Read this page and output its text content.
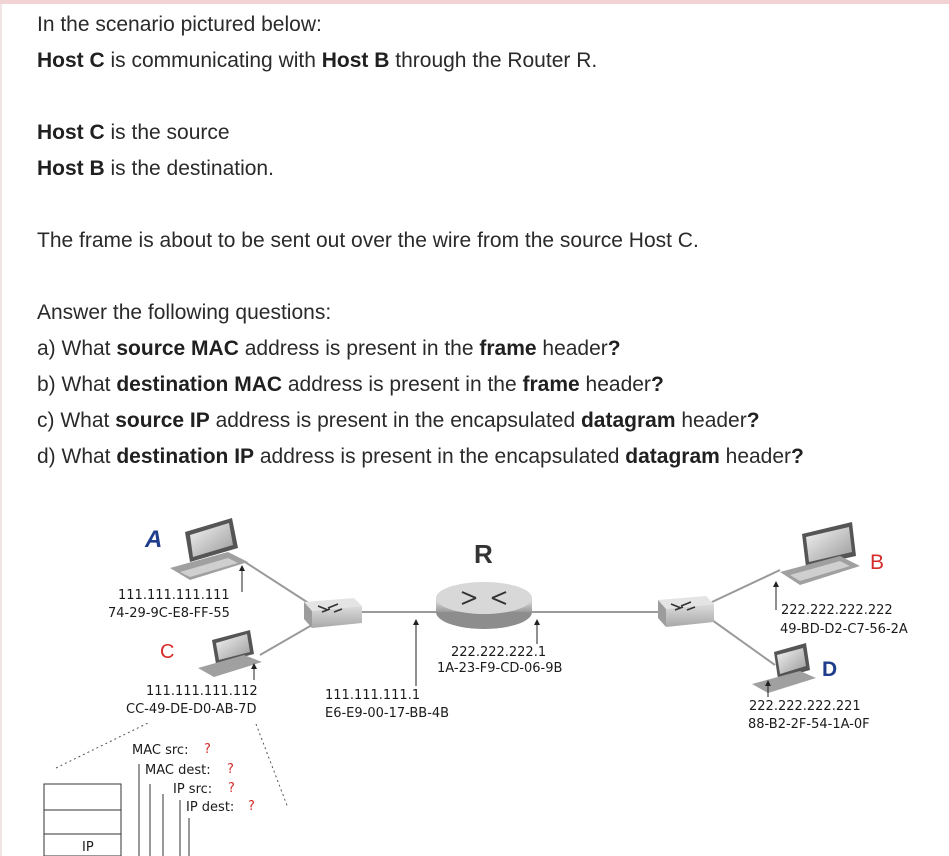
In the scenario pictured below:
Host C is communicating with Host B through the Router R.
Host C is the source
Host B is the destination.
The frame is about to be sent out over the wire from the source Host C.
Answer the following questions:
a) What source MAC address is present in the frame header?
b) What destination MAC address is present in the frame header?
c) What source IP address is present in the encapsulated datagram header?
d) What destination IP address is present in the encapsulated datagram header?
A
111.111.111.111
74-29-9C-E8-FF-55
C
111.111.111.112
CC-49-DE-D0-AB-7D
R
111.111.111.1
E6-E9-00-17-BB-4B
222.222.222.1
1A-23-F9-CD-06-9B
B
222.222.222.222
49-BD-D2-C7-56-2A
D
222.222.222.221
88-B2-2F-54-1A-0F
MAC src: ?
MAC dest: ?
IP src: ?
IP dest: ?
IP
